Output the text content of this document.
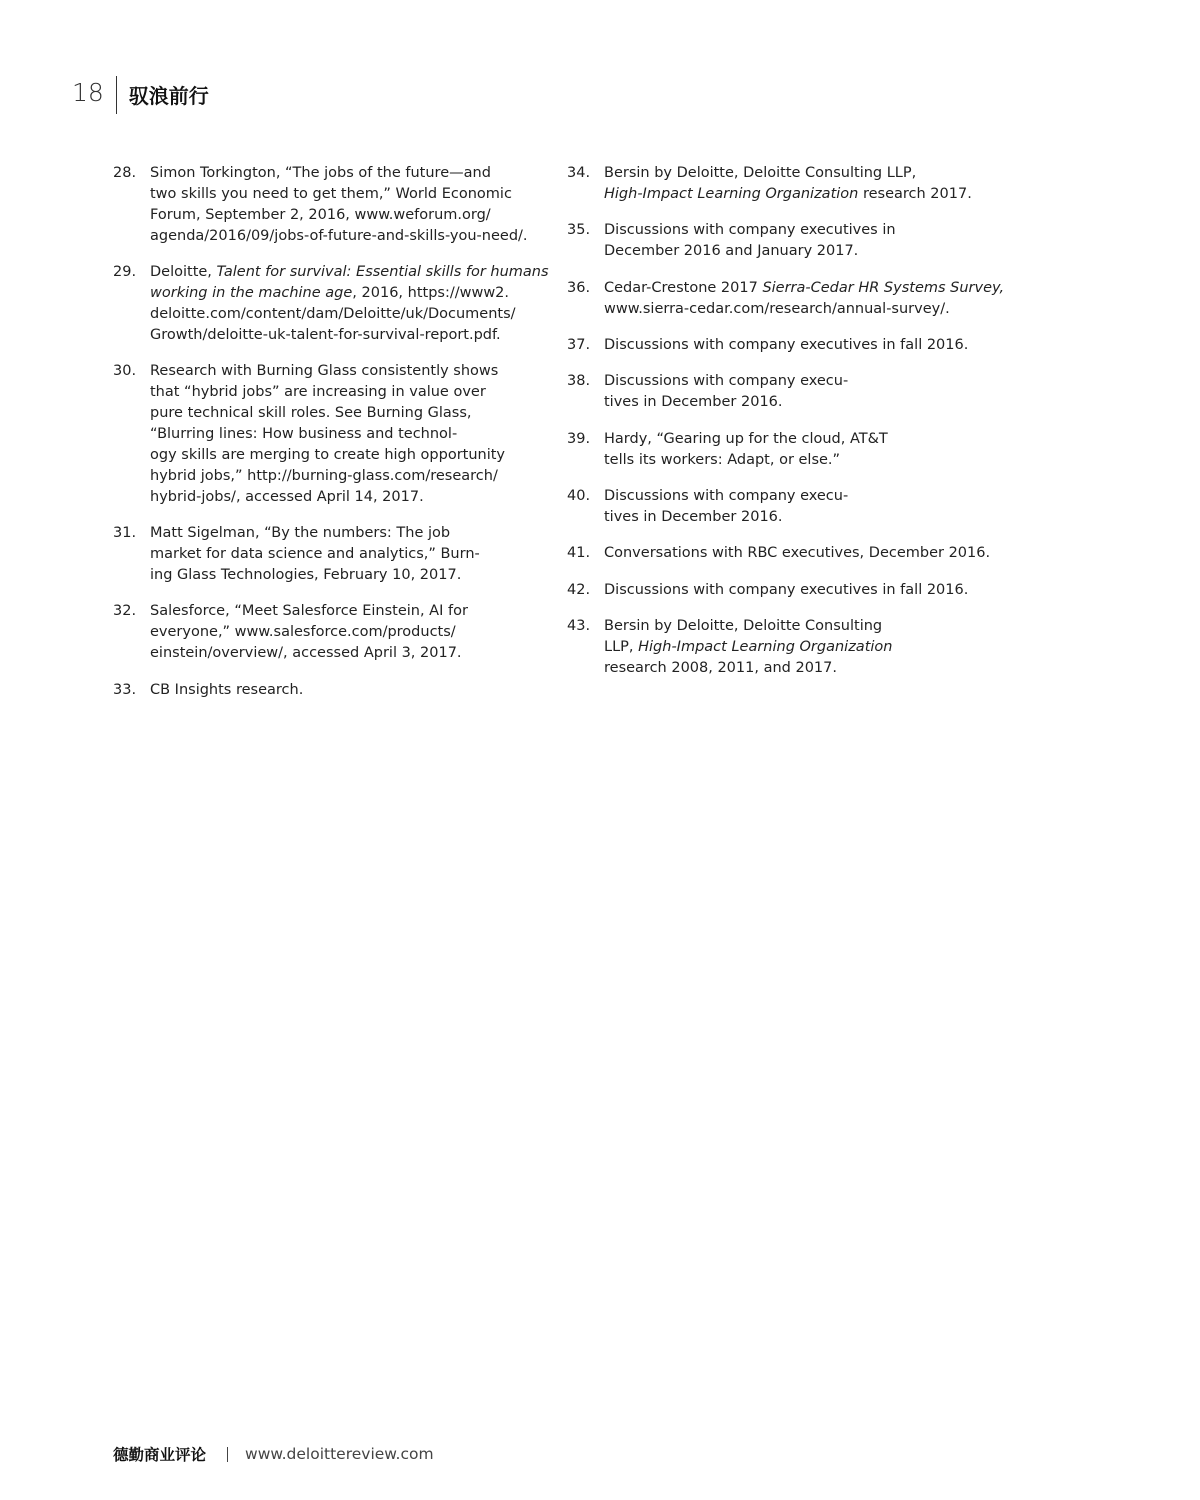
18 驭浪前行
28. Simon Torkington, “The jobs of the future—and
two skills you need to get them,” World Economic
Forum, September 2, 2016, www.weforum.org/
agenda/2016/09/jobs-of-future-and-skills-you-need/.
29. Deloitte, Talent for survival: Essential skills for humans
working in the machine age, 2016, https://www2.
deloitte.com/content/dam/Deloitte/uk/Documents/
Growth/deloitte-uk-talent-for-survival-report.pdf.
30. Research with Burning Glass consistently shows
that “hybrid jobs” are increasing in value over
pure technical skill roles. See Burning Glass,
“Blurring lines: How business and technol-
ogy skills are merging to create high opportunity
hybrid jobs,” http://burning-glass.com/research/
hybrid-jobs/, accessed April 14, 2017.
31. Matt Sigelman, “By the numbers: The job
market for data science and analytics,” Burn-
ing Glass Technologies, February 10, 2017.
32. Salesforce, “Meet Salesforce Einstein, AI for
everyone,” www.salesforce.com/products/
einstein/overview/, accessed April 3, 2017.
33. CB Insights research.
34. Bersin by Deloitte, Deloitte Consulting LLP,
High-Impact Learning Organization research 2017.
35. Discussions with company executives in
December 2016 and January 2017.
36. Cedar-Crestone 2017 Sierra-Cedar HR Systems Survey,
www.sierra-cedar.com/research/annual-survey/.
37. Discussions with company executives in fall 2016.
38. Discussions with company execu-
tives in December 2016.
39. Hardy, “Gearing up for the cloud, AT&T
tells its workers: Adapt, or else.”
40. Discussions with company execu-
tives in December 2016.
41. Conversations with RBC executives, December 2016.
42. Discussions with company executives in fall 2016.
43. Bersin by Deloitte, Deloitte Consulting
LLP, High-Impact Learning Organization
research 2008, 2011, and 2017.
德勤商业评论	www.deloittereview.com
